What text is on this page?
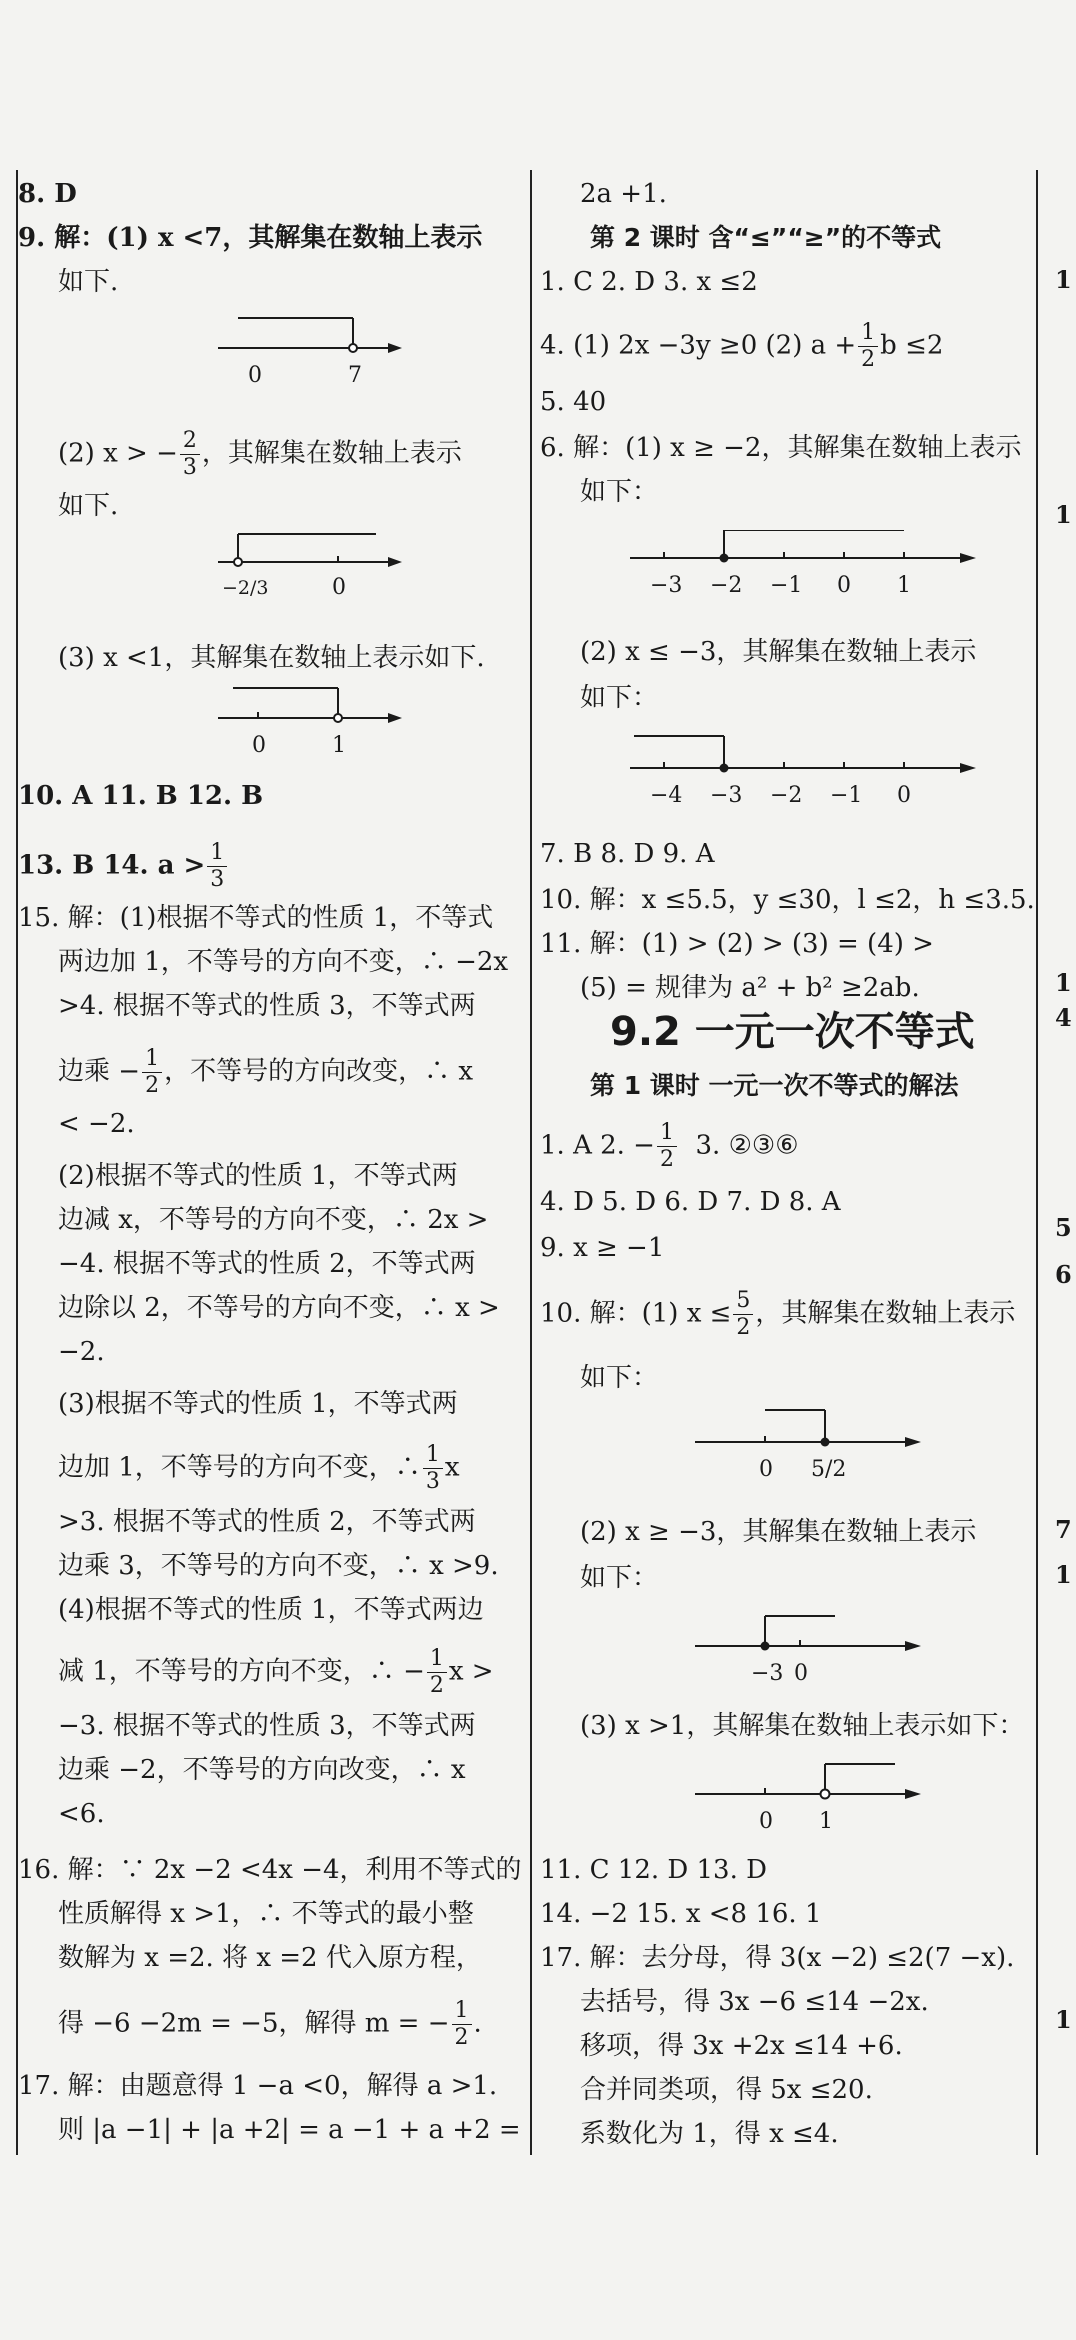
8. D
9. 解：(1) x <7，其解集在数轴上表示
如下.
0	7
(2) x > − $\frac{2}{3}$ ，其解集在数轴上表示
如下.
−2/3	0
(3) x <1，其解集在数轴上表示如下.
0	1
10. A 11. B 12. B
13. B 14. $a > \frac{1}{3}$
15. 解：(1)根据不等式的性质 1，不等式
两边加 1，不等号的方向不变，∴ −2x
>4. 根据不等式的性质 3，不等式两
边乘 − $\frac{1}{2}$ ，不等号的方向改变，∴ x
< −2.
(2)根据不等式的性质 1，不等式两
边减 x，不等号的方向不变，∴ 2x >
−4. 根据不等式的性质 2，不等式两
边除以 2，不等号的方向不变，∴ x >
−2.
(3)根据不等式的性质 1，不等式两
边加 1，不等号的方向不变，∴ $\frac{1}{3}$ x
>3. 根据不等式的性质 2，不等式两
边乘 3，不等号的方向不变，∴ x >9.
(4)根据不等式的性质 1，不等式两边
减 1，不等号的方向不变，∴ − $\frac{1}{2}$ x >
−3. 根据不等式的性质 3，不等式两
边乘 −2，不等号的方向改变，∴ x
<6.
16. 解：∵ 2x −2 <4x −4，利用不等式的
性质解得 x >1，∴ 不等式的最小整
数解为 x =2. 将 x =2 代入原方程，
得 −6 −2m = −5，解得 m = − $\frac{1}{2}$ .
17. 解：由题意得 1 −a <0，解得 a >1.
则 |a −1| + |a +2| = a −1 + a +2 =
2a +1.
第 2 课时 含“≤”“≥”的不等式
1. C 2. D 3. x ≤2
4. (1) 2x −3y ≥0 (2) $a + \frac{1}{2}$ b ≤2
5. 40
6. 解：(1) x ≥ −2，其解集在数轴上表示
如下：
−3 −2 −1 0 1
(2) x ≤ −3，其解集在数轴上表示
如下：
−4 −3 −2 −1 0
7. B 8. D 9. A
10. 解：x ≤5.5，y ≤30，l ≤2，h ≤3.5.
11. 解：(1) > (2) > (3) = (4) >
(5) = 规律为 a² + b² ≥2ab.
9.2 一元一次不等式
第 1 课时 一元一次不等式的解法
1. A 2. − $\frac{1}{2} 3$. ②③⑥
4. D 5. D 6. D 7. D 8. A
9. x ≥ −1
10. 解：(1) $x \le \frac{5}{2}$ ，其解集在数轴上表示
如下：
0 5/2
(2) x ≥ −3，其解集在数轴上表示
如下：
−3 0
(3) x >1，其解集在数轴上表示如下：
0 1
11. C 12. D 13. D
14. −2 15. x <8 16. 1
17. 解：去分母，得 3(x −2) ≤2(7 −x).
去括号，得 3x −6 ≤14 −2x.
移项，得 3x +2x ≤14 +6.
合并同类项，得 5x ≤20.
系数化为 1，得 x ≤4.
1
1
1
4
5
6
7
1
1
